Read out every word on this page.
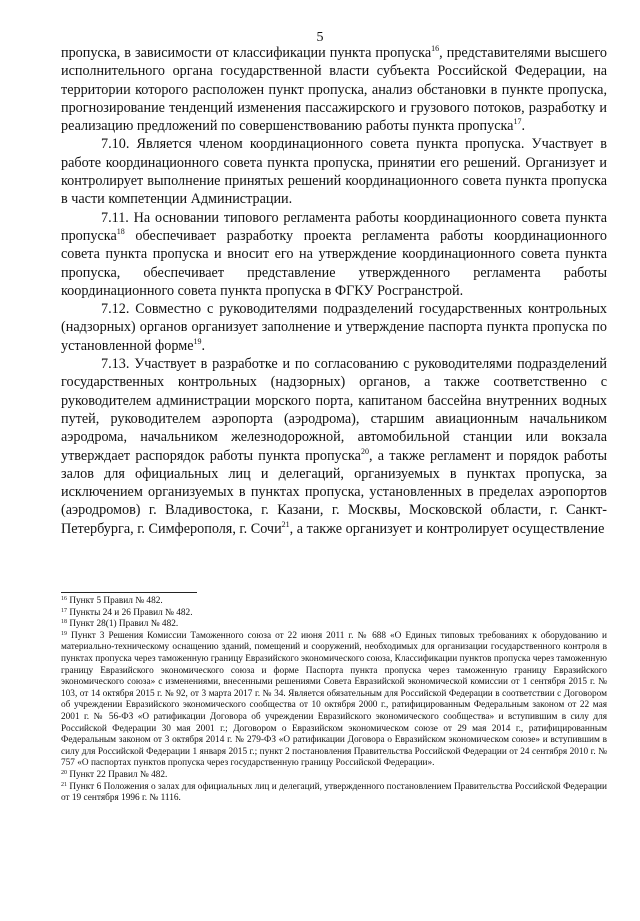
5

пропуска, в зависимости от классификации пункта пропуска$^{16}$, представителями высшего исполнительного органа государственной власти субъекта Российской Федерации, на территории которого расположен пункт пропуска, анализ обстановки в пункте пропуска, прогнозирование тенденций изменения пассажирского и грузового потоков, разработку и реализацию предложений по совершенствованию работы пункта пропуска$^{17}$.

7.10. Является членом координационного совета пункта пропуска. Участвует в работе координационного совета пункта пропуска, принятии его решений. Организует и контролирует выполнение принятых решений координационного совета пункта пропуска в части компетенции Администрации.

7.11. На основании типового регламента работы координационного совета пункта пропуска$^{18}$ обеспечивает разработку проекта регламента работы координационного совета пункта пропуска и вносит его на утверждение координационного совета пункта пропуска, обеспечивает представление утвержденного регламента работы координационного совета пункта пропуска в ФГКУ Росгранстрой.

7.12. Совместно с руководителями подразделений государственных контрольных (надзорных) органов организует заполнение и утверждение паспорта пункта пропуска по установленной форме$^{19}$.

7.13. Участвует в разработке и по согласованию с руководителями подразделений государственных контрольных (надзорных) органов, а также соответственно с руководителем администрации морского порта, капитаном бассейна внутренних водных путей, руководителем аэропорта (аэродрома), старшим авиационным начальником аэродрома, начальником железнодорожной, автомобильной станции или вокзала утверждает распорядок работы пункта пропуска$^{20}$, а также регламент и порядок работы залов для официальных лиц и делегаций, организуемых в пунктах пропуска, за исключением организуемых в пунктах пропуска, установленных в пределах аэропортов (аэродромов) г. Владивостока, г. Казани, г. Москвы, Московской области, г. Санкт-Петербурга, г. Симферополя, г. Сочи$^{21}$, а также организует и контролирует осуществление

$^{16}$ Пункт 5 Правил № 482.

$^{17}$ Пункты 24 и 26 Правил № 482.

$^{18}$ Пункт 28(1) Правил № 482.

$^{19}$ Пункт 3 Решения Комиссии Таможенного союза от 22 июня 2011 г. № 688 «О Единых типовых требованиях к оборудованию и материально-техническому оснащению зданий, помещений и сооружений, необходимых для организации государственного контроля в пунктах пропуска через таможенную границу Евразийского экономического союза, Классификации пунктов пропуска через таможенную границу Евразийского экономического союза и форме Паспорта пункта пропуска через таможенную границу Евразийского экономического союза» с изменениями, внесенными решениями Совета Евразийской экономической комиссии от 1 сентября 2015 г. № 103, от 14 октября 2015 г. № 92, от 3 марта 2017 г. № 34. Является обязательным для Российской Федерации в соответствии с Договором об учреждении Евразийского экономического сообщества от 10 октября 2000 г., ратифицированным Федеральным законом от 22 мая 2001 г. № 56-ФЗ «О ратификации Договора об учреждении Евразийского экономического сообщества» и вступившим в силу для Российской Федерации 30 мая 2001 г.; Договором о Евразийском экономическом союзе от 29 мая 2014 г., ратифицированным Федеральным законом от 3 октября 2014 г. № 279-ФЗ «О ратификации Договора о Евразийском экономическом союзе» и вступившим в силу для Российской Федерации 1 января 2015 г.; пункт 2 постановления Правительства Российской Федерации от 24 сентября 2010 г. № 757 «О паспортах пунктов пропуска через государственную границу Российской Федерации».

$^{20}$ Пункт 22 Правил № 482.

$^{21}$ Пункт 6 Положения о залах для официальных лиц и делегаций, утвержденного постановлением Правительства Российской Федерации от 19 сентября 1996 г. № 1116.
